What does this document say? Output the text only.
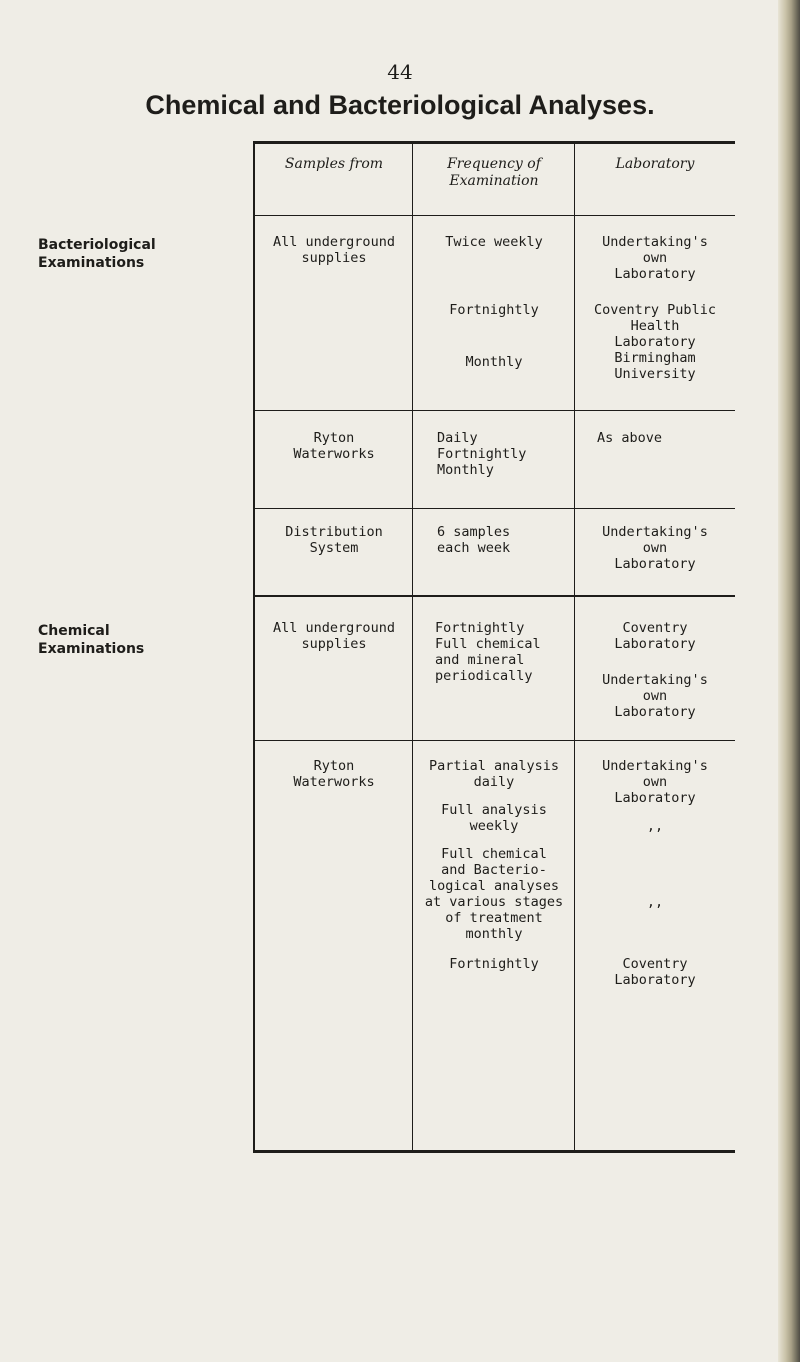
44
Chemical and Bacteriological Analyses.
Bacteriological
Examinations
Chemical
Examinations
Samples from	Frequency of
Examination
Laboratory
All underground
supplies
Twice weekly
Fortnightly
Monthly
Undertaking's
own
Laboratory
Coventry Public
Health
Laboratory
Birmingham
University
Ryton
Waterworks
Daily
Fortnightly
Monthly
As above
Distribution
System
6 samples
each week
Undertaking's
own
Laboratory
All underground
supplies
Fortnightly
Full chemical
and mineral
periodically
Coventry
Laboratory
Undertaking's
own
Laboratory
Ryton
Waterworks
Partial analysis
daily
Full analysis
weekly
Full chemical
and Bacterio-
logical analyses
at various stages
of treatment
monthly
Fortnightly
Undertaking's
own
Laboratory
,,
,,
Coventry
Laboratory
